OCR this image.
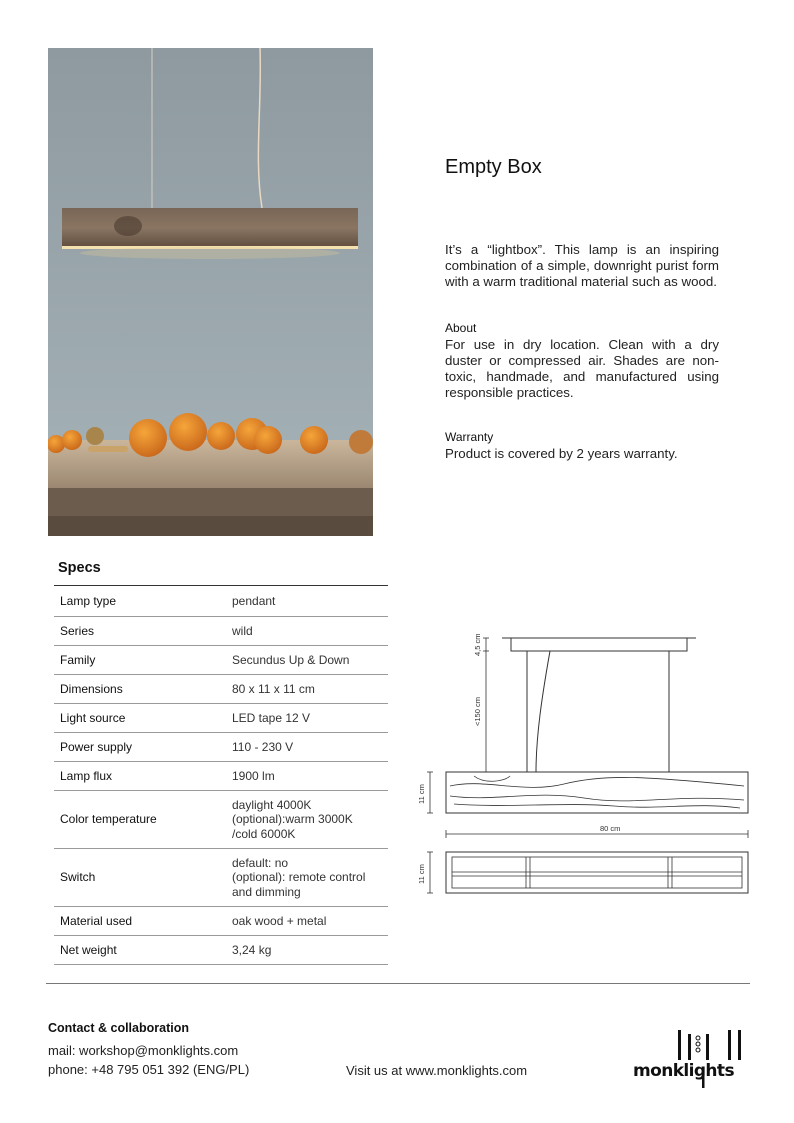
Empty Box

It’s a “lightbox”. This lamp is an inspiring combination of a simple, downright purist form with a warm traditional material such as wood.

About

For use in dry location. Clean with a dry duster or compressed air. Shades are non-toxic, handmade, and manufactured using responsible practices.

Warranty

Product is covered by 2 years warranty.

Specs
Lamp type	pendant
Series	wild
Family	Secundus Up & Down
Dimensions	80 x 11 x 11 cm
Light source	LED tape 12 V
Power supply	110 - 230 V
Lamp flux	1900 lm
Color temperature	daylight 4000K
(optional):warm 3000K
/cold 6000K
Switch	default: no
(optional): remote control
and dimming
Material used	oak wood + metal
Net weight	3,24 kg
4,5 cm
<150 cm
11 cm
80 cm
11 cm
Contact & collaboration
mail: workshop@monklights.com
phone: +48 795 051 392 (ENG/PL)	Visit us at www.monklights.com	monklights
